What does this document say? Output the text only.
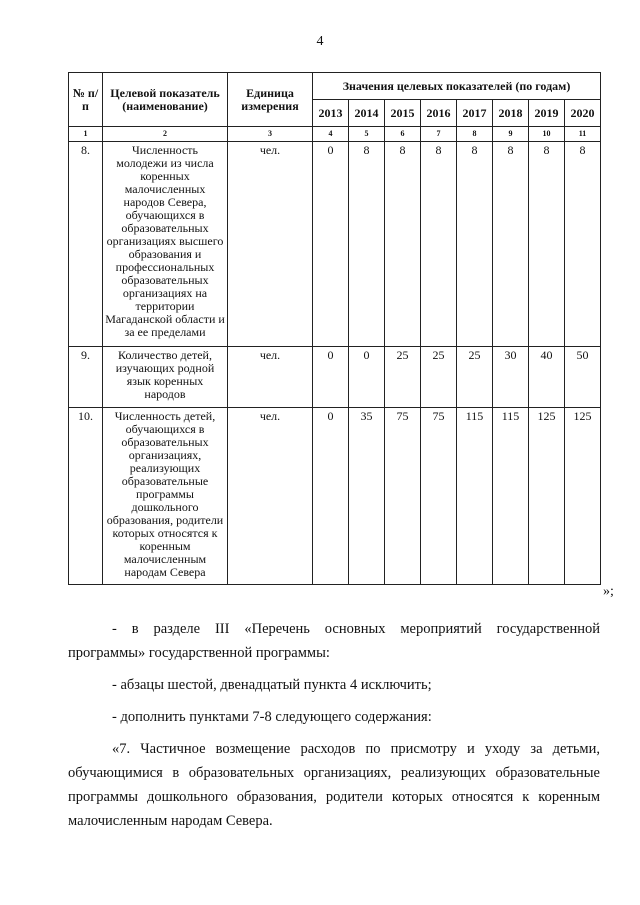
4
№ п/п	Целевой показатель (наименование)	Единица измерения	Значения целевых показателей (по годам)							
			2013	2014	2015	2016	2017	2018	2019	2020
1	2	3	4	5	6	7	8	9	10	11
8.	Численность молодежи из числа коренных малочисленных народов Севера, обучающихся в образовательных организациях высшего образования и профессиональных образовательных организациях на территории Магаданской области и за ее пределами	чел.	0	8	8	8	8	8	8	8
9.	Количество детей, изучающих родной язык коренных народов	чел.	0	0	25	25	25	30	40	50
10.	Численность детей, обучающихся в образовательных организациях, реализующих образовательные программы дошкольного образования, родители которых относятся к коренным малочисленным народам Севера	чел.	0	35	75	75	115	115	125	125
»;

- в разделе III «Перечень основных мероприятий государственной программы» государственной программы:

- абзацы шестой, двенадцатый пункта 4 исключить;

- дополнить пунктами 7-8 следующего содержания:

«7. Частичное возмещение расходов по присмотру и уходу за детьми, обучающимися в образовательных организациях, реализующих образовательные программы дошкольного образования, родители которых относятся к коренным малочисленным народам Севера.
